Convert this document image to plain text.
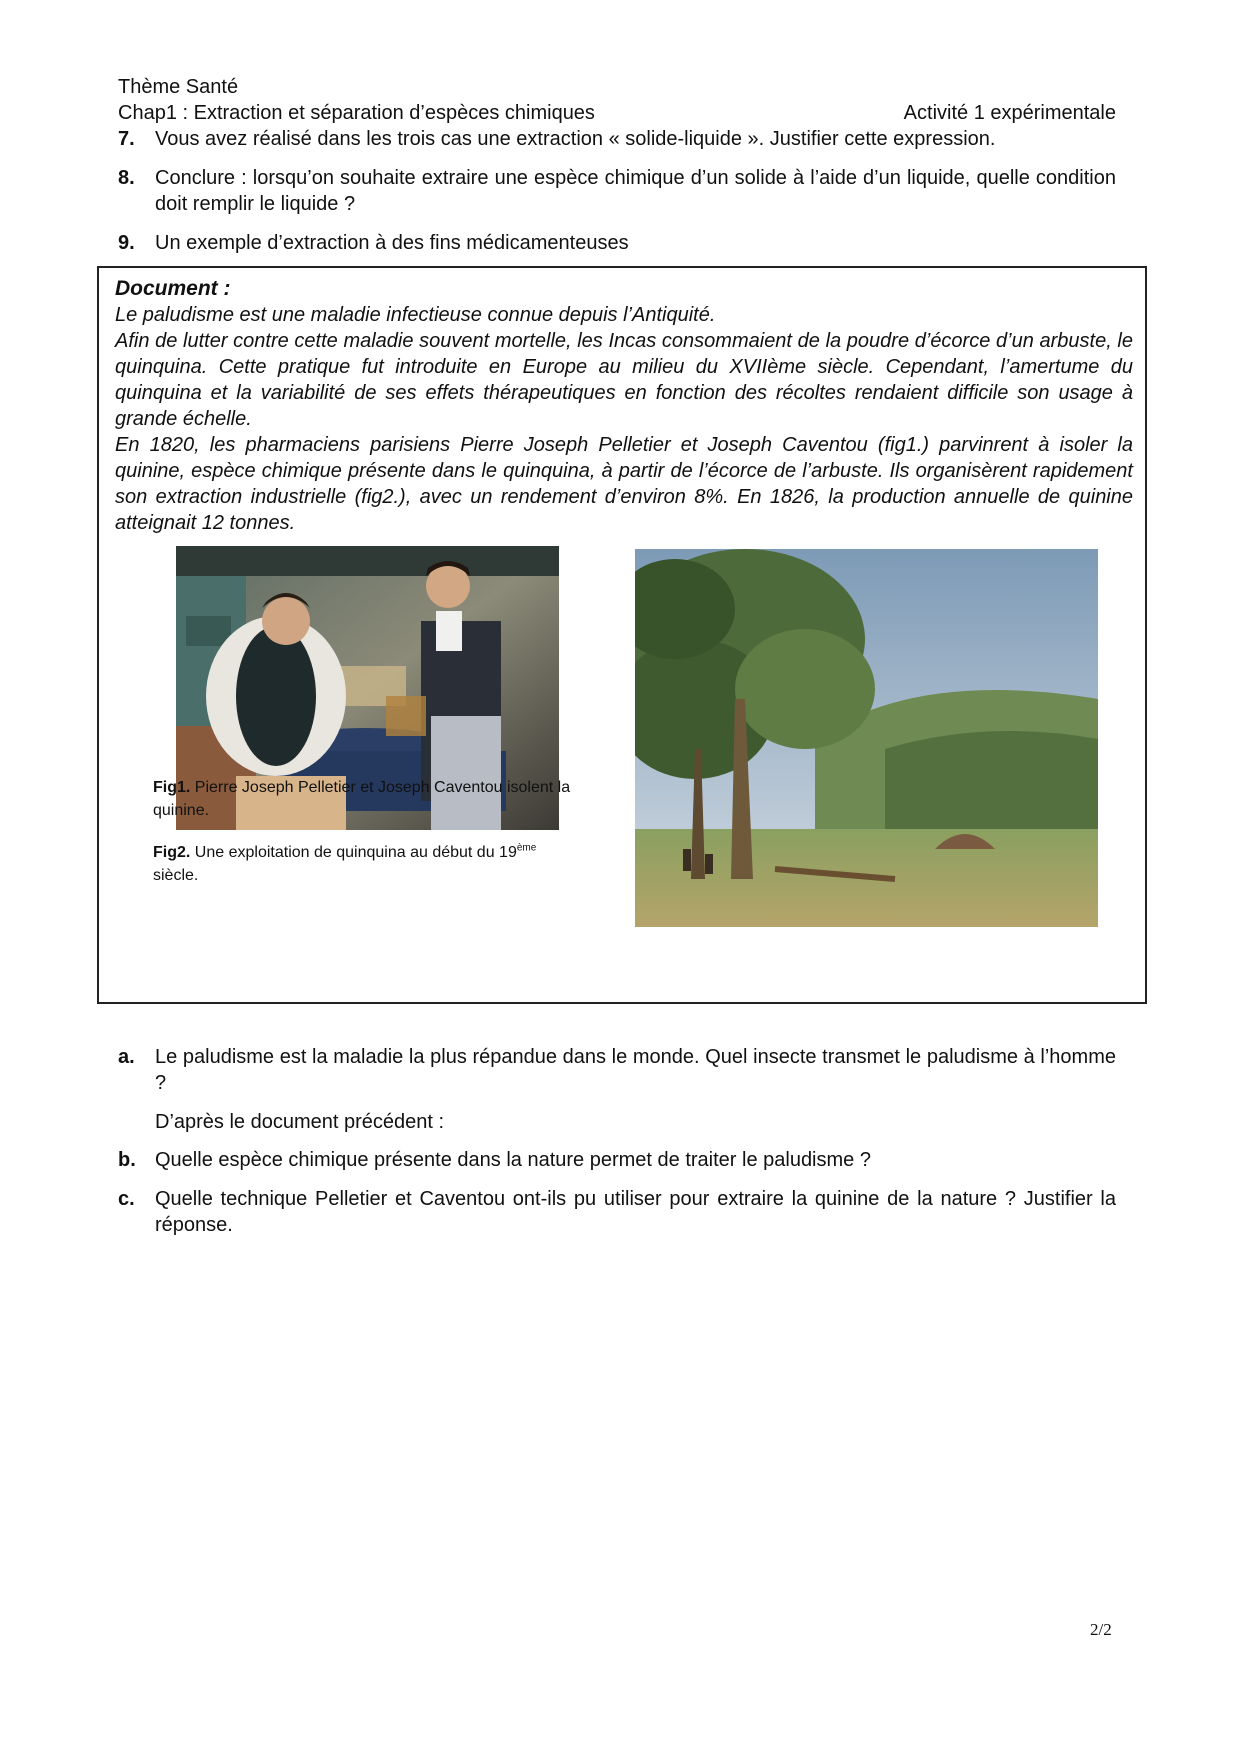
Thème Santé
Chap1 : Extraction et séparation d’espèces chimiques	Activité 1 expérimentale
7.	Vous avez réalisé dans les trois cas une extraction « solide-liquide ». Justifier cette expression.
8.	Conclure : lorsqu’on souhaite extraire une espèce chimique d’un solide à l’aide d’un liquide, quelle condition doit remplir le liquide ?
9.	Un exemple d’extraction à des fins médicamenteuses
Document :

Le paludisme est une maladie infectieuse connue depuis l’Antiquité.

Afin de lutter contre cette maladie souvent mortelle, les Incas consommaient de la poudre d’écorce d’un arbuste, le quinquina. Cette pratique fut introduite en Europe au milieu du XVIIème siècle. Cependant, l’amertume du quinquina et la variabilité de ses effets thérapeutiques en fonction des récoltes rendaient difficile son usage à grande échelle.

En 1820, les pharmaciens parisiens Pierre Joseph Pelletier et Joseph Caventou (fig1.) parvinrent à isoler la quinine, espèce chimique présente dans le quinquina, à partir de l’écorce de l’arbuste. Ils organisèrent rapidement son extraction industrielle (fig2.), avec un rendement d’environ 8%. En 1826, la production annuelle de quinine atteignait 12 tonnes.

Fig1. Pierre Joseph Pelletier et Joseph Caventou isolent la quinine.
Fig2. Une exploitation de quinquina au début du 19ème siècle.
a.	Le paludisme est la maladie la plus répandue dans le monde. Quel insecte transmet le paludisme à l’homme ?
D’après le document précédent :
b. Quelle espèce chimique présente dans la nature permet de traiter le paludisme ?
c.	Quelle technique Pelletier et Caventou ont-ils pu utiliser pour extraire la quinine de la nature ? Justifier la réponse.
2/2
